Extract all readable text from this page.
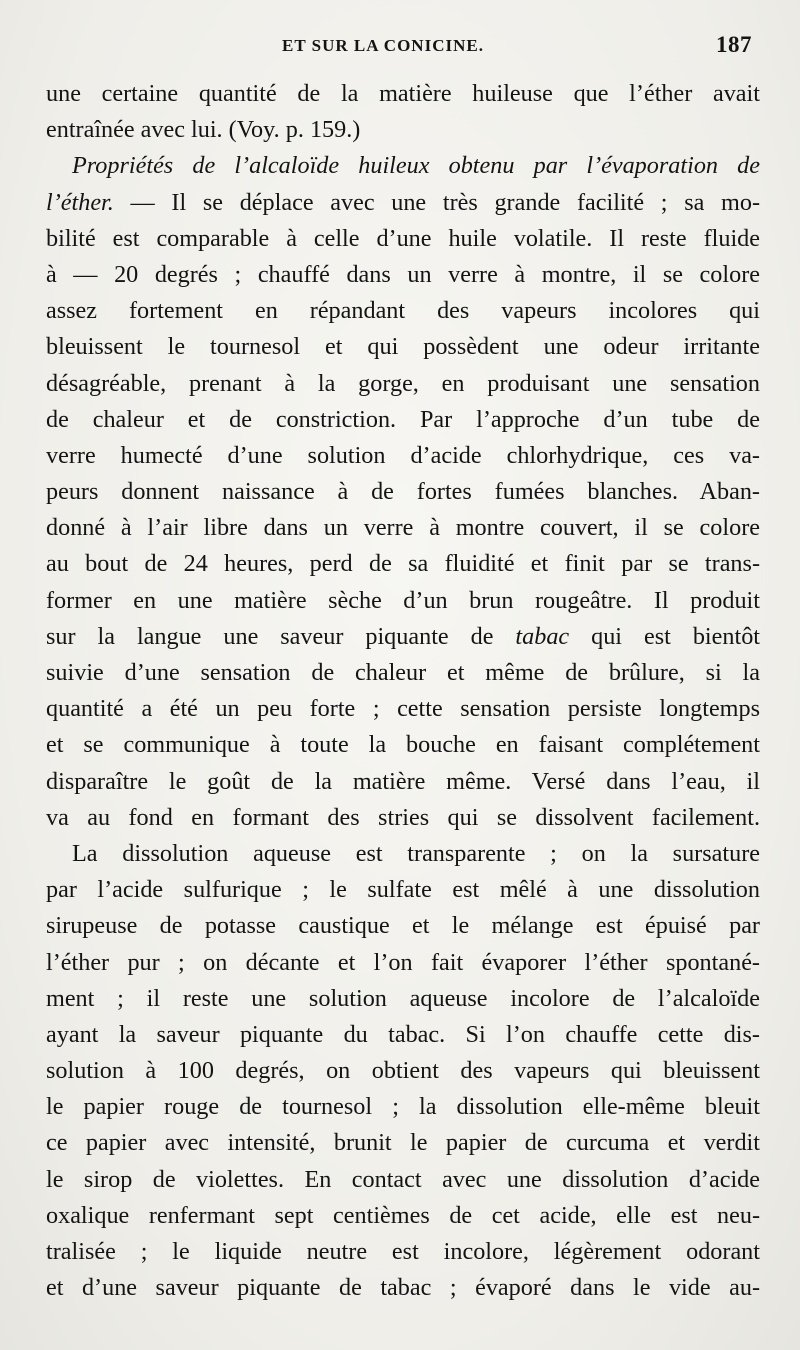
ET SUR LA CONICINE.	187
une certaine quantité de la matière huileuse que l’éther avait
entraînée avec lui. (Voy. p. 159.)
Propriétés de l’alcaloïde huileux obtenu par l’évaporation de
l’éther. — Il se déplace avec une très grande facilité ; sa mo-
bilité est comparable à celle d’une huile volatile. Il reste fluide
à — 20 degrés ; chauffé dans un verre à montre, il se colore
assez fortement en répandant des vapeurs incolores qui
bleuissent le tournesol et qui possèdent une odeur irritante
désagréable, prenant à la gorge, en produisant une sensation
de chaleur et de constriction. Par l’approche d’un tube de
verre humecté d’une solution d’acide chlorhydrique, ces va-
peurs donnent naissance à de fortes fumées blanches. Aban-
donné à l’air libre dans un verre à montre couvert, il se colore
au bout de 24 heures, perd de sa fluidité et finit par se trans-
former en une matière sèche d’un brun rougeâtre. Il produit
sur la langue une saveur piquante de tabac qui est bientôt
suivie d’une sensation de chaleur et même de brûlure, si la
quantité a été un peu forte ; cette sensation persiste longtemps
et se communique à toute la bouche en faisant complétement
disparaître le goût de la matière même. Versé dans l’eau, il
va au fond en formant des stries qui se dissolvent facilement.
La dissolution aqueuse est transparente ; on la sursature
par l’acide sulfurique ; le sulfate est mêlé à une dissolution
sirupeuse de potasse caustique et le mélange est épuisé par
l’éther pur ; on décante et l’on fait évaporer l’éther spontané-
ment ; il reste une solution aqueuse incolore de l’alcaloïde
ayant la saveur piquante du tabac. Si l’on chauffe cette dis-
solution à 100 degrés, on obtient des vapeurs qui bleuissent
le papier rouge de tournesol ; la dissolution elle-même bleuit
ce papier avec intensité, brunit le papier de curcuma et verdit
le sirop de violettes. En contact avec une dissolution d’acide
oxalique renfermant sept centièmes de cet acide, elle est neu-
tralisée ; le liquide neutre est incolore, légèrement odorant
et d’une saveur piquante de tabac ; évaporé dans le vide au-
